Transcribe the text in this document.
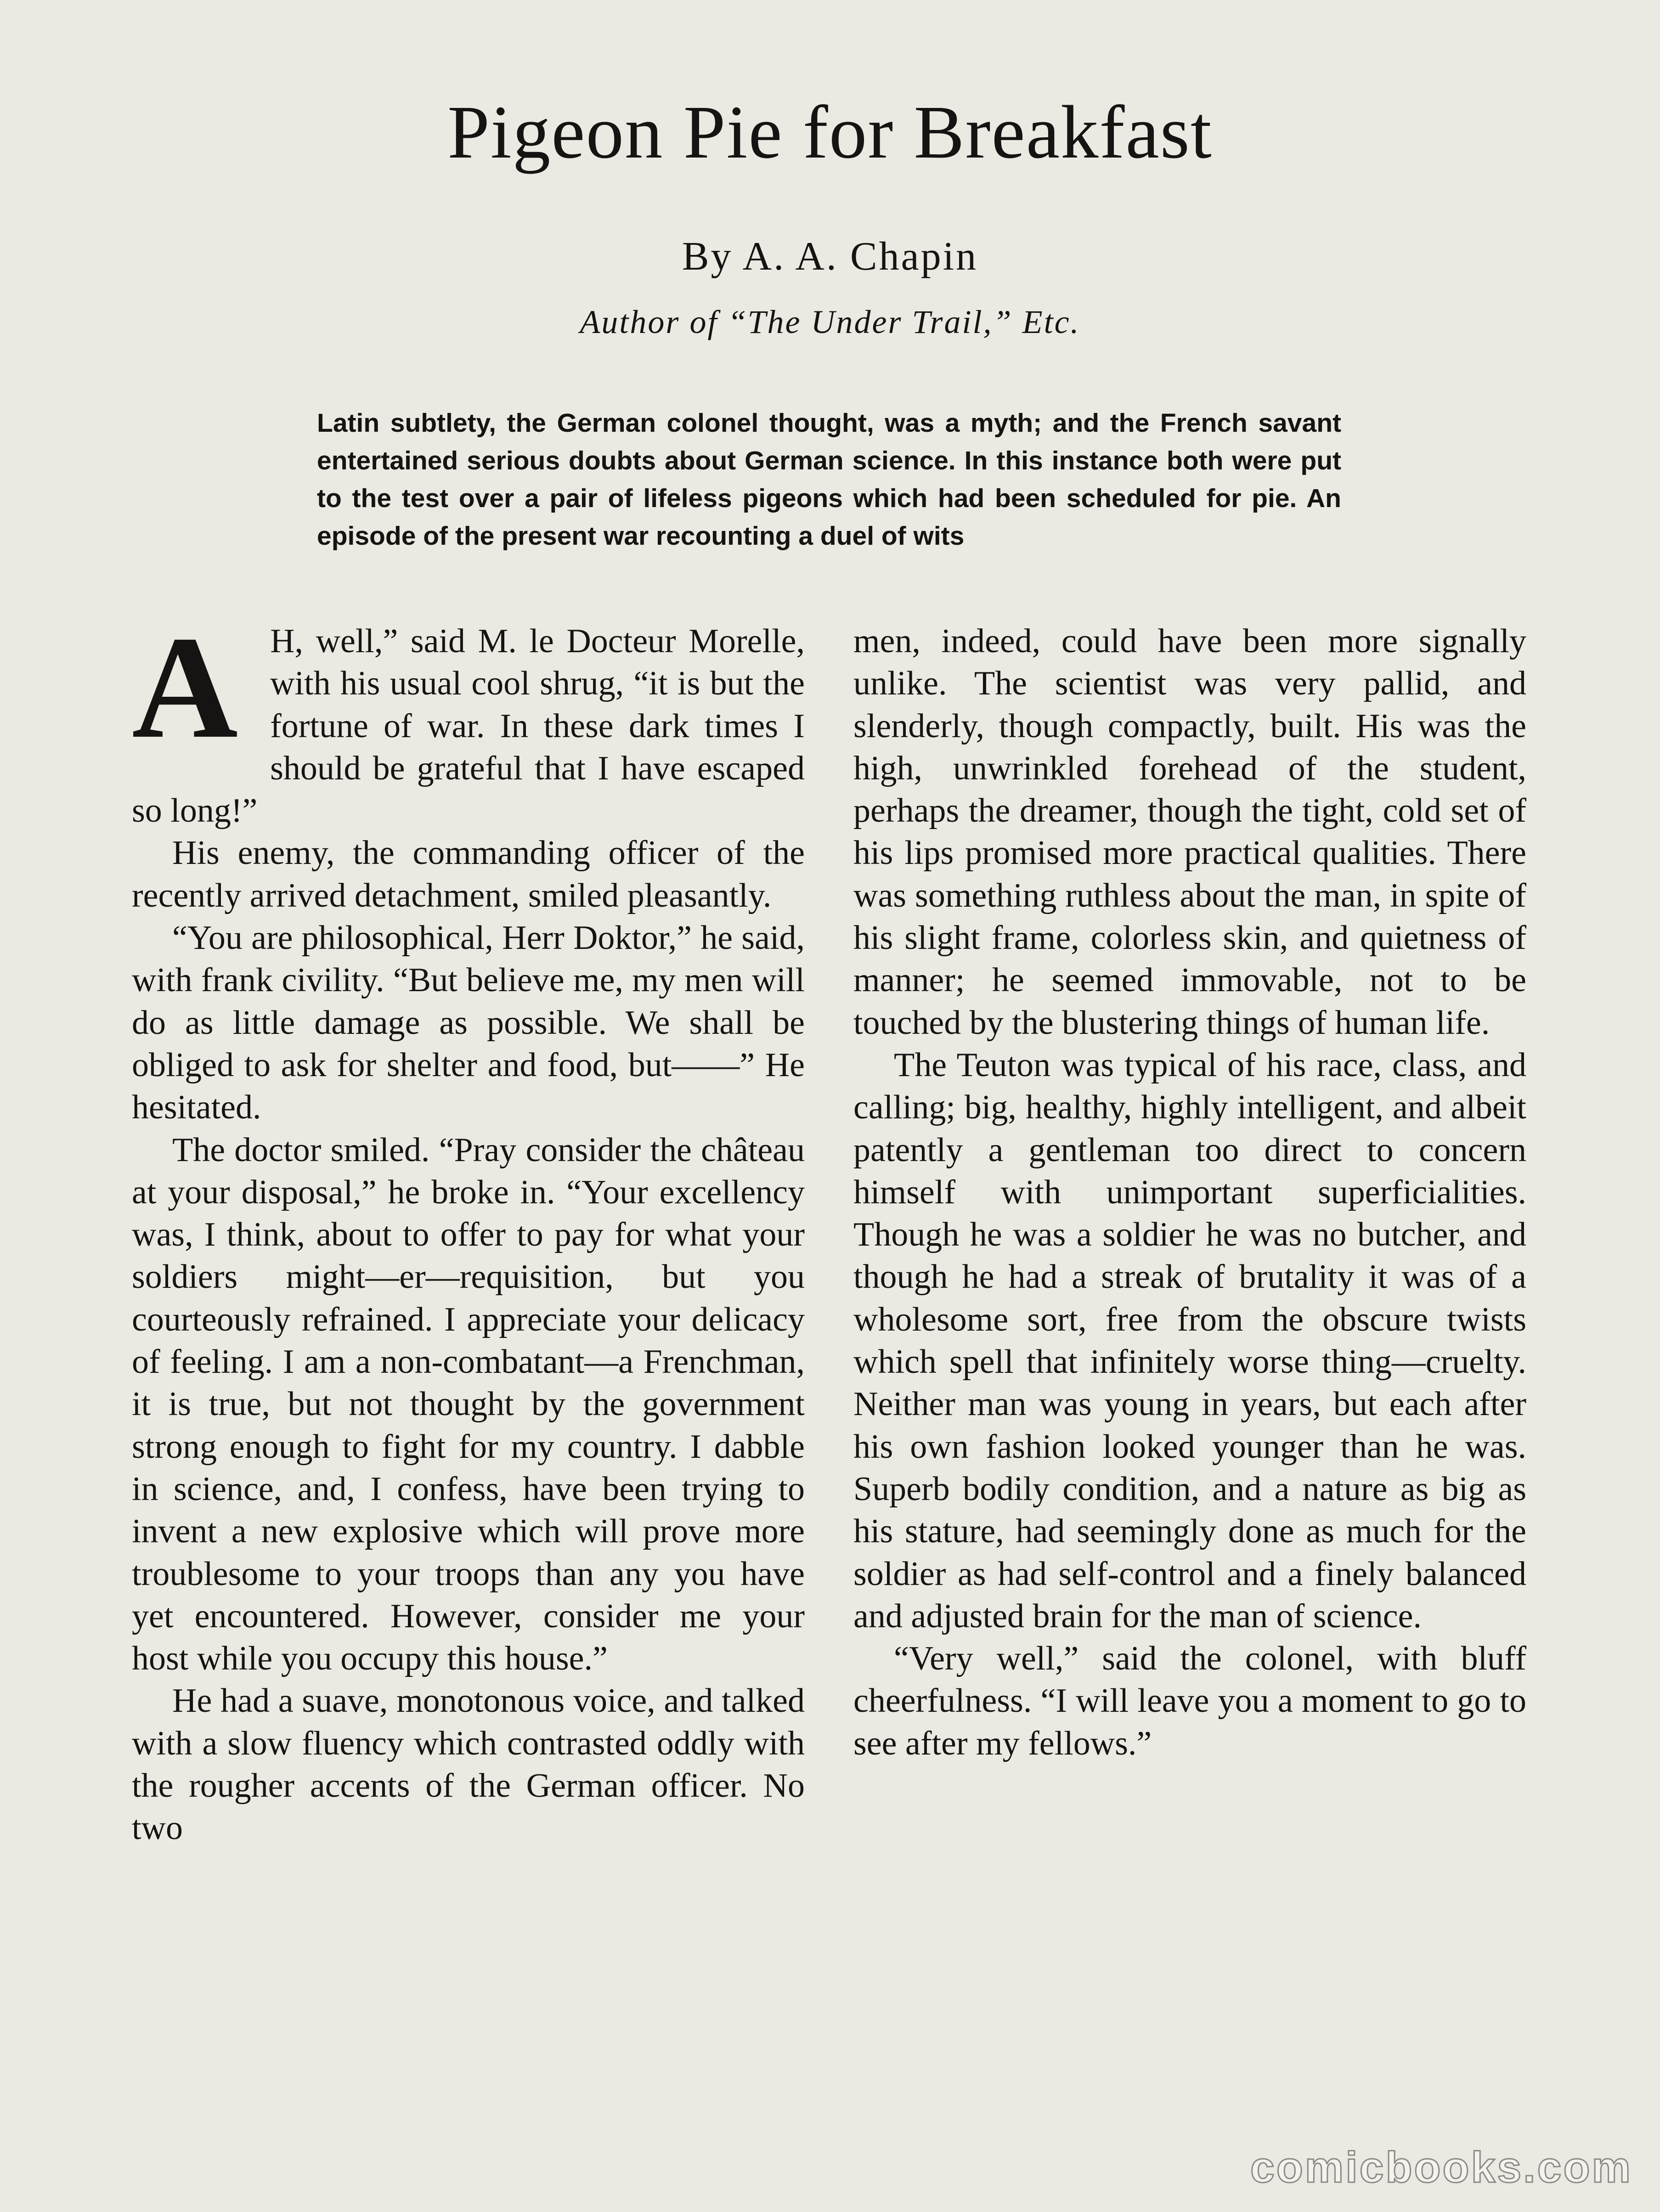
Pigeon Pie for Breakfast
By A. A. Chapin
Author of “The Under Trail,” Etc.
Latin subtlety, the German colonel thought, was a myth; and the French savant entertained serious doubts about German science. In this instance both were put to the test over a pair of lifeless pigeons which had been scheduled for pie. An episode of the present war recounting a duel of wits
A H, well,” said M. le Docteur Morelle, with his usual cool shrug, “it is but the fortune of war. In these dark times I should be grateful that I have escaped so long!”

His enemy, the commanding officer of the recently arrived detachment, smiled pleasantly.

“You are philosophical, Herr Doktor,” he said, with frank civility. “But believe me, my men will do as little damage as possible. We shall be obliged to ask for shelter and food, but——” He hesitated.

The doctor smiled. “Pray consider the château at your disposal,” he broke in. “Your excellency was, I think, about to offer to pay for what your soldiers might—er—requisition, but you courteously refrained. I appreciate your delicacy of feeling. I am a non-combatant—a Frenchman, it is true, but not thought by the government strong enough to fight for my country. I dabble in science, and, I confess, have been trying to invent a new explosive which will prove more troublesome to your troops than any you have yet encountered. However, consider me your host while you occupy this house.”

He had a suave, monotonous voice, and talked with a slow fluency which contrasted oddly with the rougher accents of the German officer. No two

men, indeed, could have been more signally unlike. The scientist was very pallid, and slenderly, though compactly, built. His was the high, unwrinkled forehead of the student, perhaps the dreamer, though the tight, cold set of his lips promised more practical qualities. There was something ruthless about the man, in spite of his slight frame, colorless skin, and quietness of manner; he seemed immovable, not to be touched by the blustering things of human life.

The Teuton was typical of his race, class, and calling; big, healthy, highly intelligent, and albeit patently a gentleman too direct to concern himself with unimportant superficialities. Though he was a soldier he was no butcher, and though he had a streak of brutality it was of a wholesome sort, free from the obscure twists which spell that infinitely worse thing—cruelty. Neither man was young in years, but each after his own fashion looked younger than he was. Superb bodily condition, and a nature as big as his stature, had seemingly done as much for the soldier as had self-control and a finely balanced and adjusted brain for the man of science.

“Very well,” said the colonel, with bluff cheerfulness. “I will leave you a moment to go to see after my fellows.”

comicbooks.com
